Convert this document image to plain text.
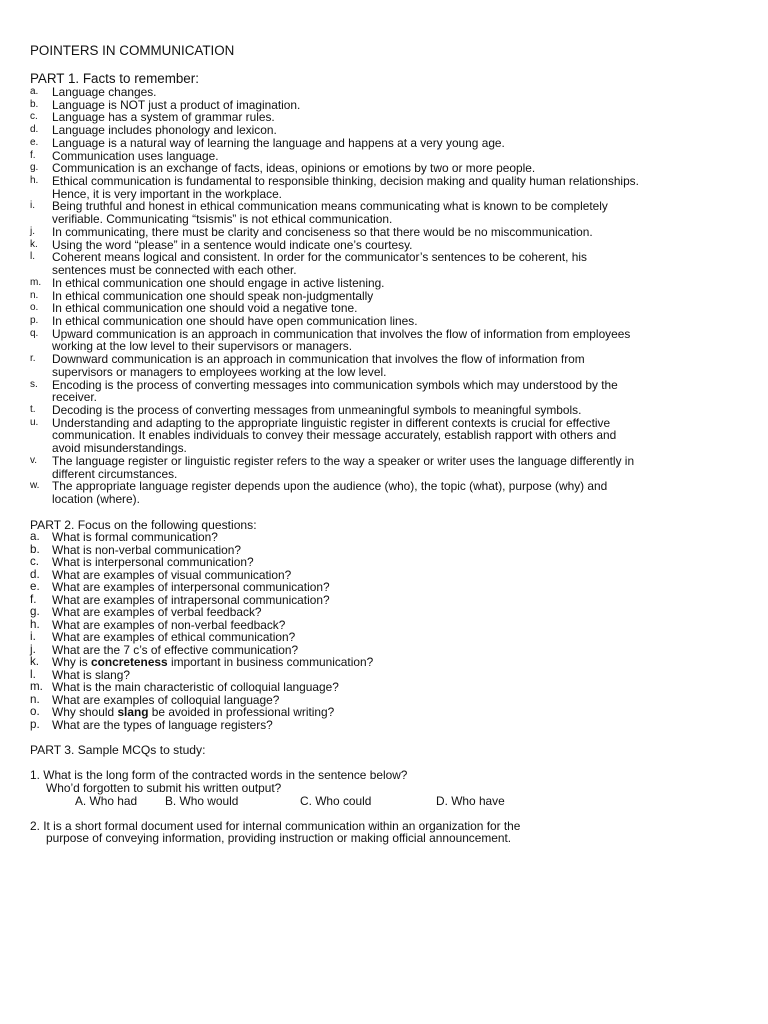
POINTERS IN COMMUNICATION

PART 1. Facts to remember:

a. Language changes.
b. Language is NOT just a product of imagination.
c. Language has a system of grammar rules.
d. Language includes phonology and lexicon.
e. Language is a natural way of learning the language and happens at a very young age.
f. Communication uses language.
g. Communication is an exchange of facts, ideas, opinions or emotions by two or more people.
h. Ethical communication is fundamental to responsible thinking, decision making and quality human relationships. Hence, it is very important in the workplace.
i. Being truthful and honest in ethical communication means communicating what is known to be completely verifiable. Communicating “tsismis” is not ethical communication.
j. In communicating, there must be clarity and conciseness so that there would be no miscommunication.
k. Using the word “please” in a sentence would indicate one’s courtesy.
l. Coherent means logical and consistent. In order for the communicator’s sentences to be coherent, his sentences must be connected with each other.
m. In ethical communication one should engage in active listening.
n. In ethical communication one should speak non-judgmentally
o. In ethical communication one should void a negative tone.
p. In ethical communication one should have open communication lines.
q. Upward communication is an approach in communication that involves the flow of information from employees working at the low level to their supervisors or managers.
r. Downward communication is an approach in communication that involves the flow of information from supervisors or managers to employees working at the low level.
s. Encoding is the process of converting messages into communication symbols which may understood by the receiver.
t. Decoding is the process of converting messages from unmeaningful symbols to meaningful symbols.
u. Understanding and adapting to the appropriate linguistic register in different contexts is crucial for effective communication. It enables individuals to convey their message accurately, establish rapport with others and avoid misunderstandings.
v. The language register or linguistic register refers to the way a speaker or writer uses the language differently in different circumstances.
w. The appropriate language register depends upon the audience (who), the topic (what), purpose (why) and location (where).

PART 2. Focus on the following questions:

a. What is formal communication?
b. What is non-verbal communication?
c. What is interpersonal communication?
d. What are examples of visual communication?
e. What are examples of interpersonal communication?
f. What are examples of intrapersonal communication?
g. What are examples of verbal feedback?
h. What are examples of non-verbal feedback?
i. What are examples of ethical communication?
j. What are the 7 c’s of effective communication?
k. Why is concreteness important in business communication?
l. What is slang?
m. What is the main characteristic of colloquial language?
n. What are examples of colloquial language?
o. Why should slang be avoided in professional writing?
p. What are the types of language registers?

PART 3. Sample MCQs to study:

1. What is the long form of the contracted words in the sentence below?
Who’d forgotten to submit his written output?
A. Who had B. Who would	C. Who could	D. Who have
2. It is a short formal document used for internal communication within an organization for the
purpose of conveying information, providing instruction or making official announcement.
